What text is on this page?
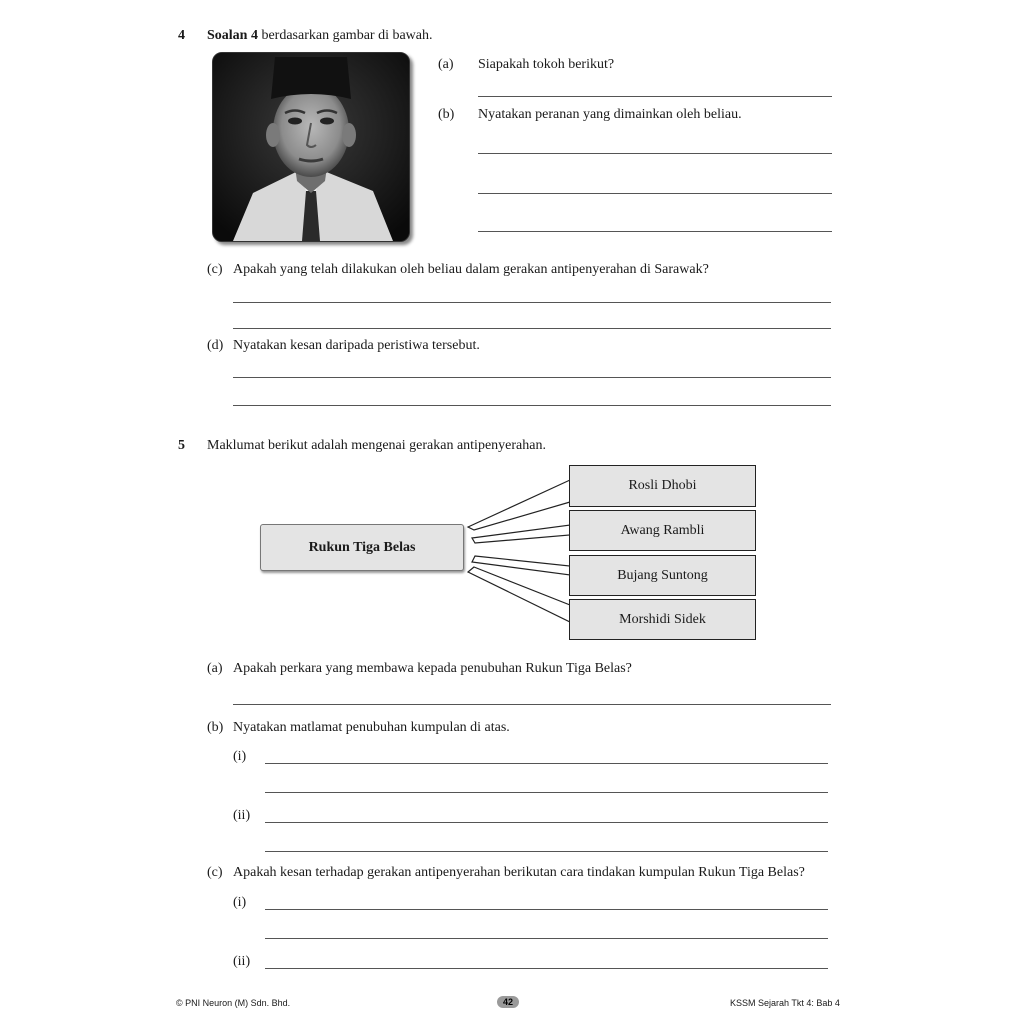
4 Soalan 4 berdasarkan gambar di bawah.
(a) Siapakah tokoh berikut?
(b) Nyatakan peranan yang dimainkan oleh beliau.
(c) Apakah yang telah dilakukan oleh beliau dalam gerakan antipenyerahan di Sarawak?
(d) Nyatakan kesan daripada peristiwa tersebut.
5 Maklumat berikut adalah mengenai gerakan antipenyerahan.
Rukun Tiga Belas
Rosli Dhobi
Awang Rambli
Bujang Suntong
Morshidi Sidek
(a) Apakah perkara yang membawa kepada penubuhan Rukun Tiga Belas?
(b) Nyatakan matlamat penubuhan kumpulan di atas.
(i)
(ii)
(c) Apakah kesan terhadap gerakan antipenyerahan berikutan cara tindakan kumpulan Rukun Tiga Belas?
(i)
(ii)
© PNI Neuron (M) Sdn. Bhd.	42	KSSM Sejarah Tkt 4: Bab 4
